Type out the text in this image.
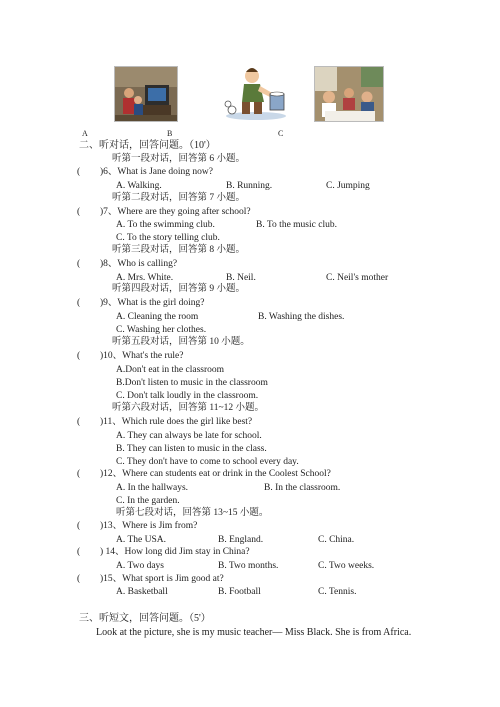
A	B	C
二、听对话，回答问题。（10'）
听第一段对话，回答第 6 小题。
( )6、What is Jane doing now?
A. Walking.	B. Running.	C. Jumping
听第二段对话，回答第 7 小题。
( )7、Where are they going after school?
A. To the swimming club.	B. To the music club.
C. To the story telling club.
听第三段对话，回答第 8 小题。
( )8、Who is calling?
A. Mrs. White.	B. Neil.	C. Neil's mother
听第四段对话，回答第 9 小题。
( )9、What is the girl doing?
A. Cleaning the room	B. Washing the dishes.
C. Washing her clothes.
听第五段对话，回答第 10 小题。
( )10、What's the rule?
A.Don't eat in the classroom
B.Don't listen to music in the classroom
C. Don't talk loudly in the classroom.
听第六段对话，回答第 11~12 小题。
( )11、Which rule does the girl like best?
A. They can always be late for school.
B. They can listen to music in the class.
C. They don't have to come to school every day.
( )12、Where can students eat or drink in the Coolest School?
A. In the hallways.	B. In the classroom.
C. In the garden.
听第七段对话，回答第 13~15 小题。
( )13、Where is Jim from?
A. The USA.	B. England.	C. China.
( ) 14、How long did Jim stay in China?
A. Two days	B. Two months.	C. Two weeks.
( )15、What sport is Jim good at?
A. Basketball	B. Football	C. Tennis.
三、听短文，回答问题。（5'）
Look at the picture, she is my music teacher— Miss Black. She is from Africa.
